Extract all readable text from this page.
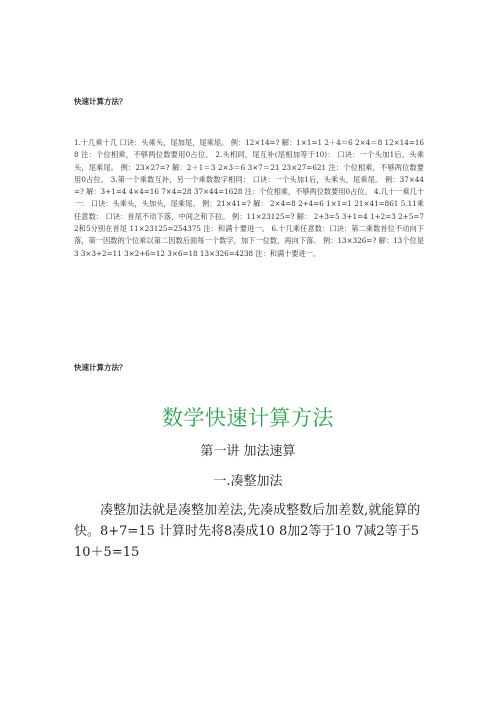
快速计算方法？
1.十几乘十几 口诀：头乘头，尾加尾，尾乘尾。 例：12×14=? 解：1×1=1 2＋4＝6 2×4＝8 12×14=168 注：个位相乘，不够两位数要用0占位。 2.头相同，尾互补(尾相加等于10)： 口诀：一个头加1后，头乘头，尾乘尾。 例：23×27=? 解：2＋1＝3 2×3＝6 3×7＝21 23×27=621 注：个位相乘，不够两位数要用0占位。 3.第一个乘数互补，另一个乘数数字相同： 口诀：一个头加1后，头乘头，尾乘尾。 例：37×44=? 解：3+1=4 4×4=16 7×4=28 37×44=1628 注：个位相乘，不够两位数要用0占位。 4.几十一乘几十一： 口诀：头乘头，头加头，尾乘尾。 例：21×41=? 解： 2×4=8 2+4=6 1×1=1 21×41=861 5.11乘任意数： 口诀：首尾不动下落，中间之和下拉。 例：11×23125=? 解： 2+3=5 3+1=4 1+2=3 2+5=7 2和5分别在首尾 11×23125=254375 注：和满十要进一。 6.十几乘任意数：口诀：第二乘数首位不动向下落，第一因数的个位乘以第二因数后面每一个数字，加下一位数，再向下落。 例：13×326=? 解：13个位是3 3×3+2=11 3×2+6=12 3×6=18 13×326=4238 注：和满十要进一。
快速计算方法？
数学快速计算方法
第一讲 加法速算
一.凑整加法
凑整加法就是凑整加差法,先凑成整数后加差数,就能算的快。8+7=15 计算时先将8凑成10 8加2等于10 7减2等于5 10＋5=15
